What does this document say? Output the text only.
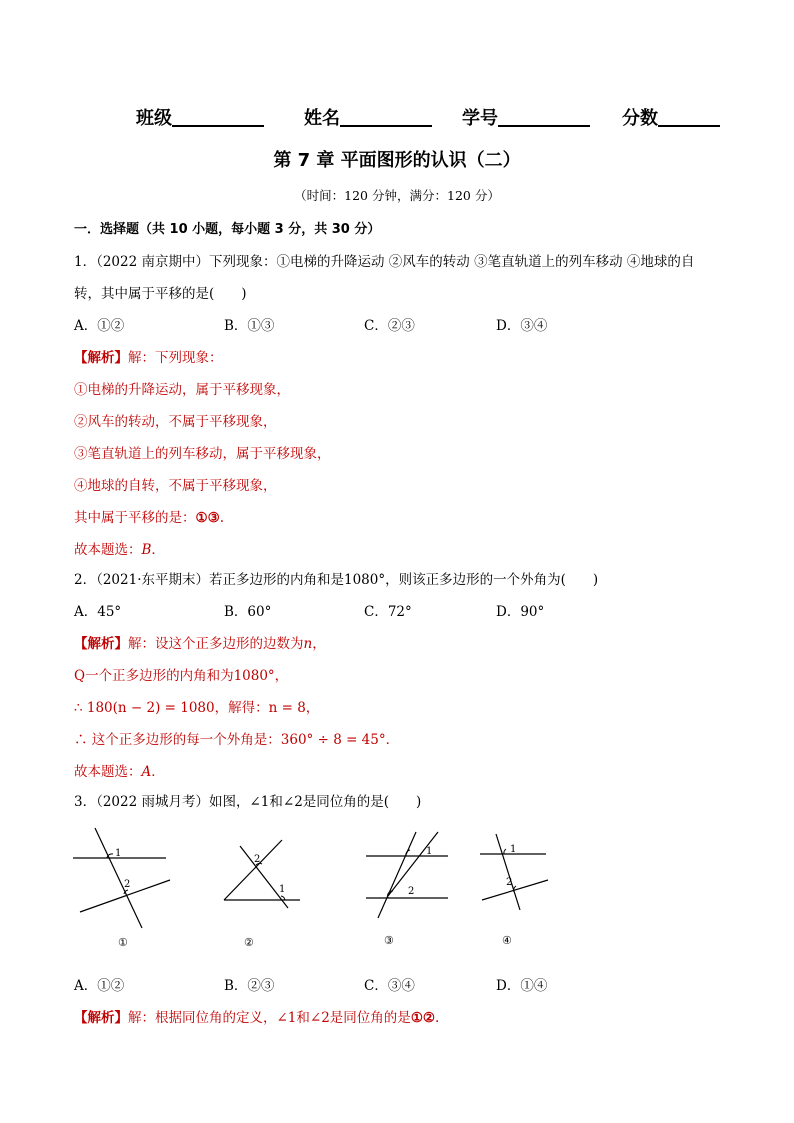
班级	姓名	学号	分数
第 7 章 平面图形的认识（二）
（时间：120 分钟，满分：120 分）
一．选择题（共 10 小题，每小题 3 分，共 30 分）
1．（2022 南京期中）下列现象：①电梯的升降运动 ②风车的转动 ③笔直轨道上的列车移动 ④地球的自
转，其中属于平移的是(　　)
A．①②	B．①③	C．②③	D．③④
【解析】解：下列现象：
①电梯的升降运动，属于平移现象，
②风车的转动，不属于平移现象，
③笔直轨道上的列车移动，属于平移现象，
④地球的自转，不属于平移现象，
其中属于平移的是：①③.
故本题选：B．
2．（2021·东平期末）若正多边形的内角和是1080°，则该正多边形的一个外角为(　　)
A．45°	B．60°	C．72°	D．90°
【解析】解：设这个正多边形的边数为n，
Q一个正多边形的内角和为1080°，
∴ 180(n − 2) = 1080，解得：n = 8，
∴ 这个正多边形的每一个外角是：360° ÷ 8 = 45°．
故本题选：A．
3．（2022 雨城月考）如图，∠1和∠2是同位角的是(　　)
1
2
①
2
1
②
1
2
③
1
2
④
A．①②	B．②③	C．③④	D．①④
【解析】解：根据同位角的定义，∠1和∠2是同位角的是①②.
